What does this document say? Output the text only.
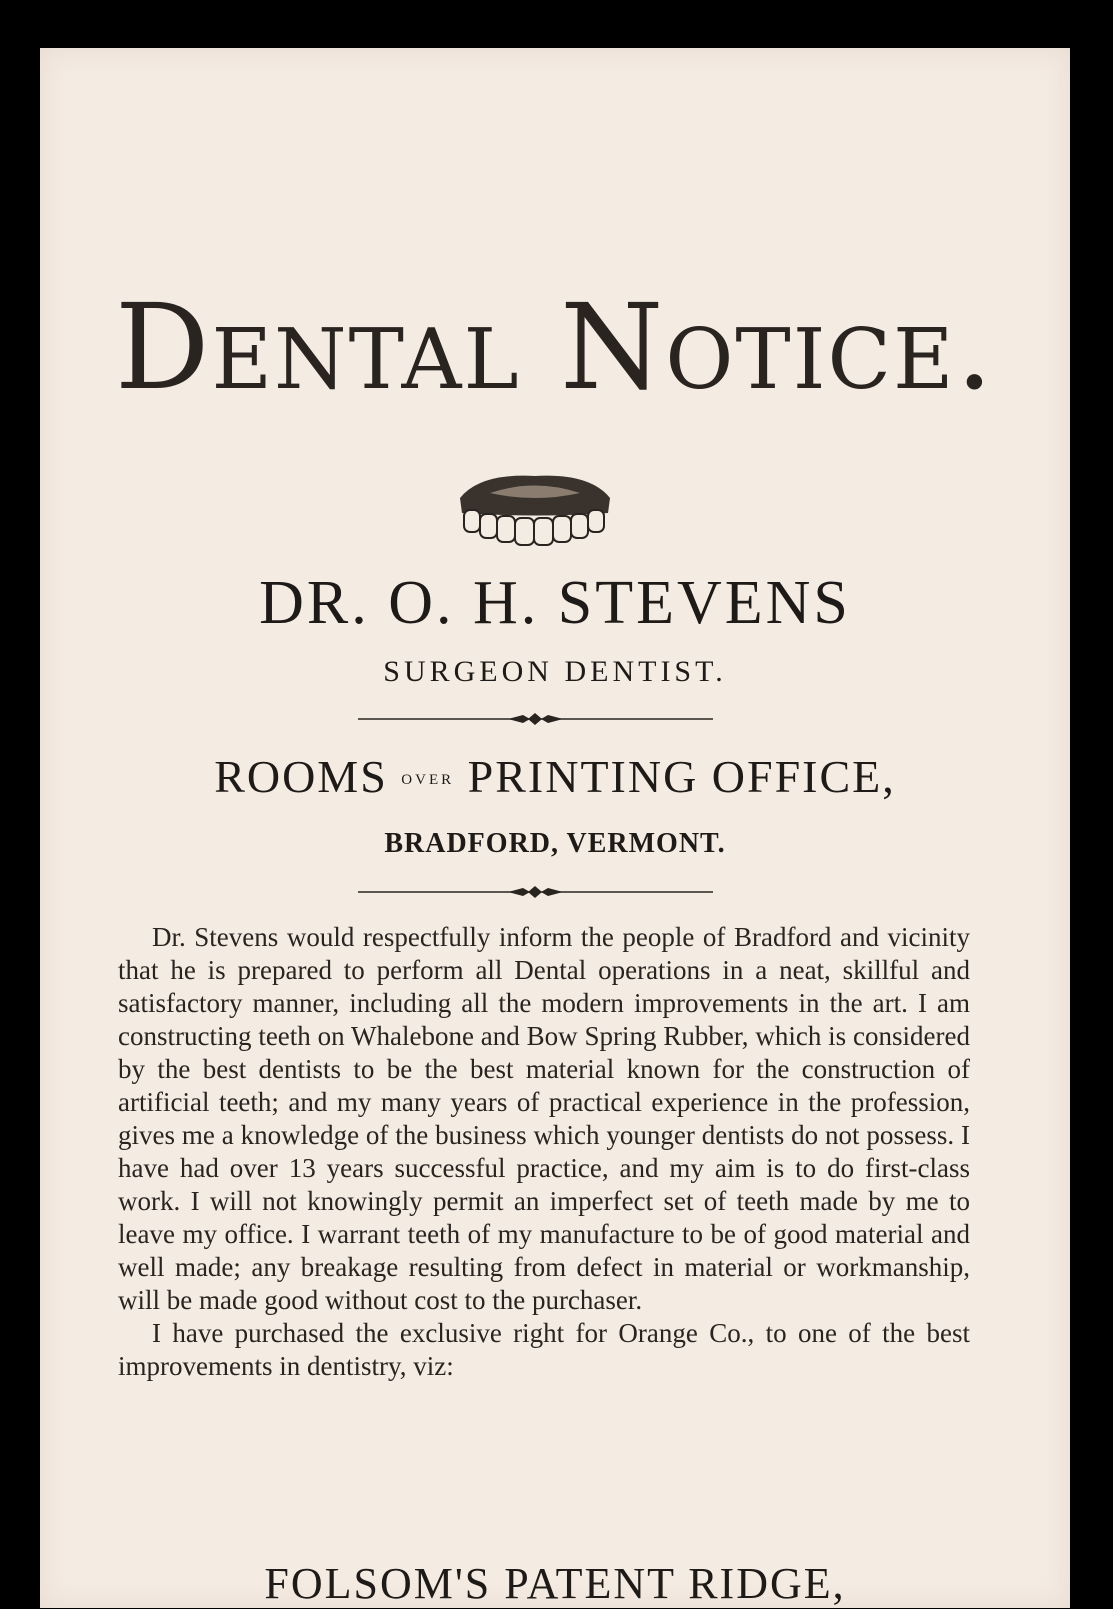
Dental Notice.
DR. O. H. STEVENS
SURGEON DENTIST.
ROOMS over PRINTING OFFICE,
BRADFORD, VERMONT.

Dr. Stevens would respectfully inform the people of Bradford and vicinity that he is prepared to perform all Dental operations in a neat, skillful and satisfactory manner, including all the modern improvements in the art. I am constructing teeth on Whalebone and Bow Spring Rubber, which is considered by the best dentists to be the best material known for the construction of artificial teeth; and my many years of practical experience in the profession, gives me a knowledge of the business which younger dentists do not possess. I have had over 13 years successful practice, and my aim is to do first-class work. I will not knowingly permit an imperfect set of teeth made by me to leave my office. I warrant teeth of my manufacture to be of good material and well made; any breakage resulting from defect in material or workmanship, will be made good without cost to the purchaser.

I have purchased the exclusive right for Orange Co., to one of the best improvements in dentistry, viz:

FOLSOM'S PATENT RIDGE,
